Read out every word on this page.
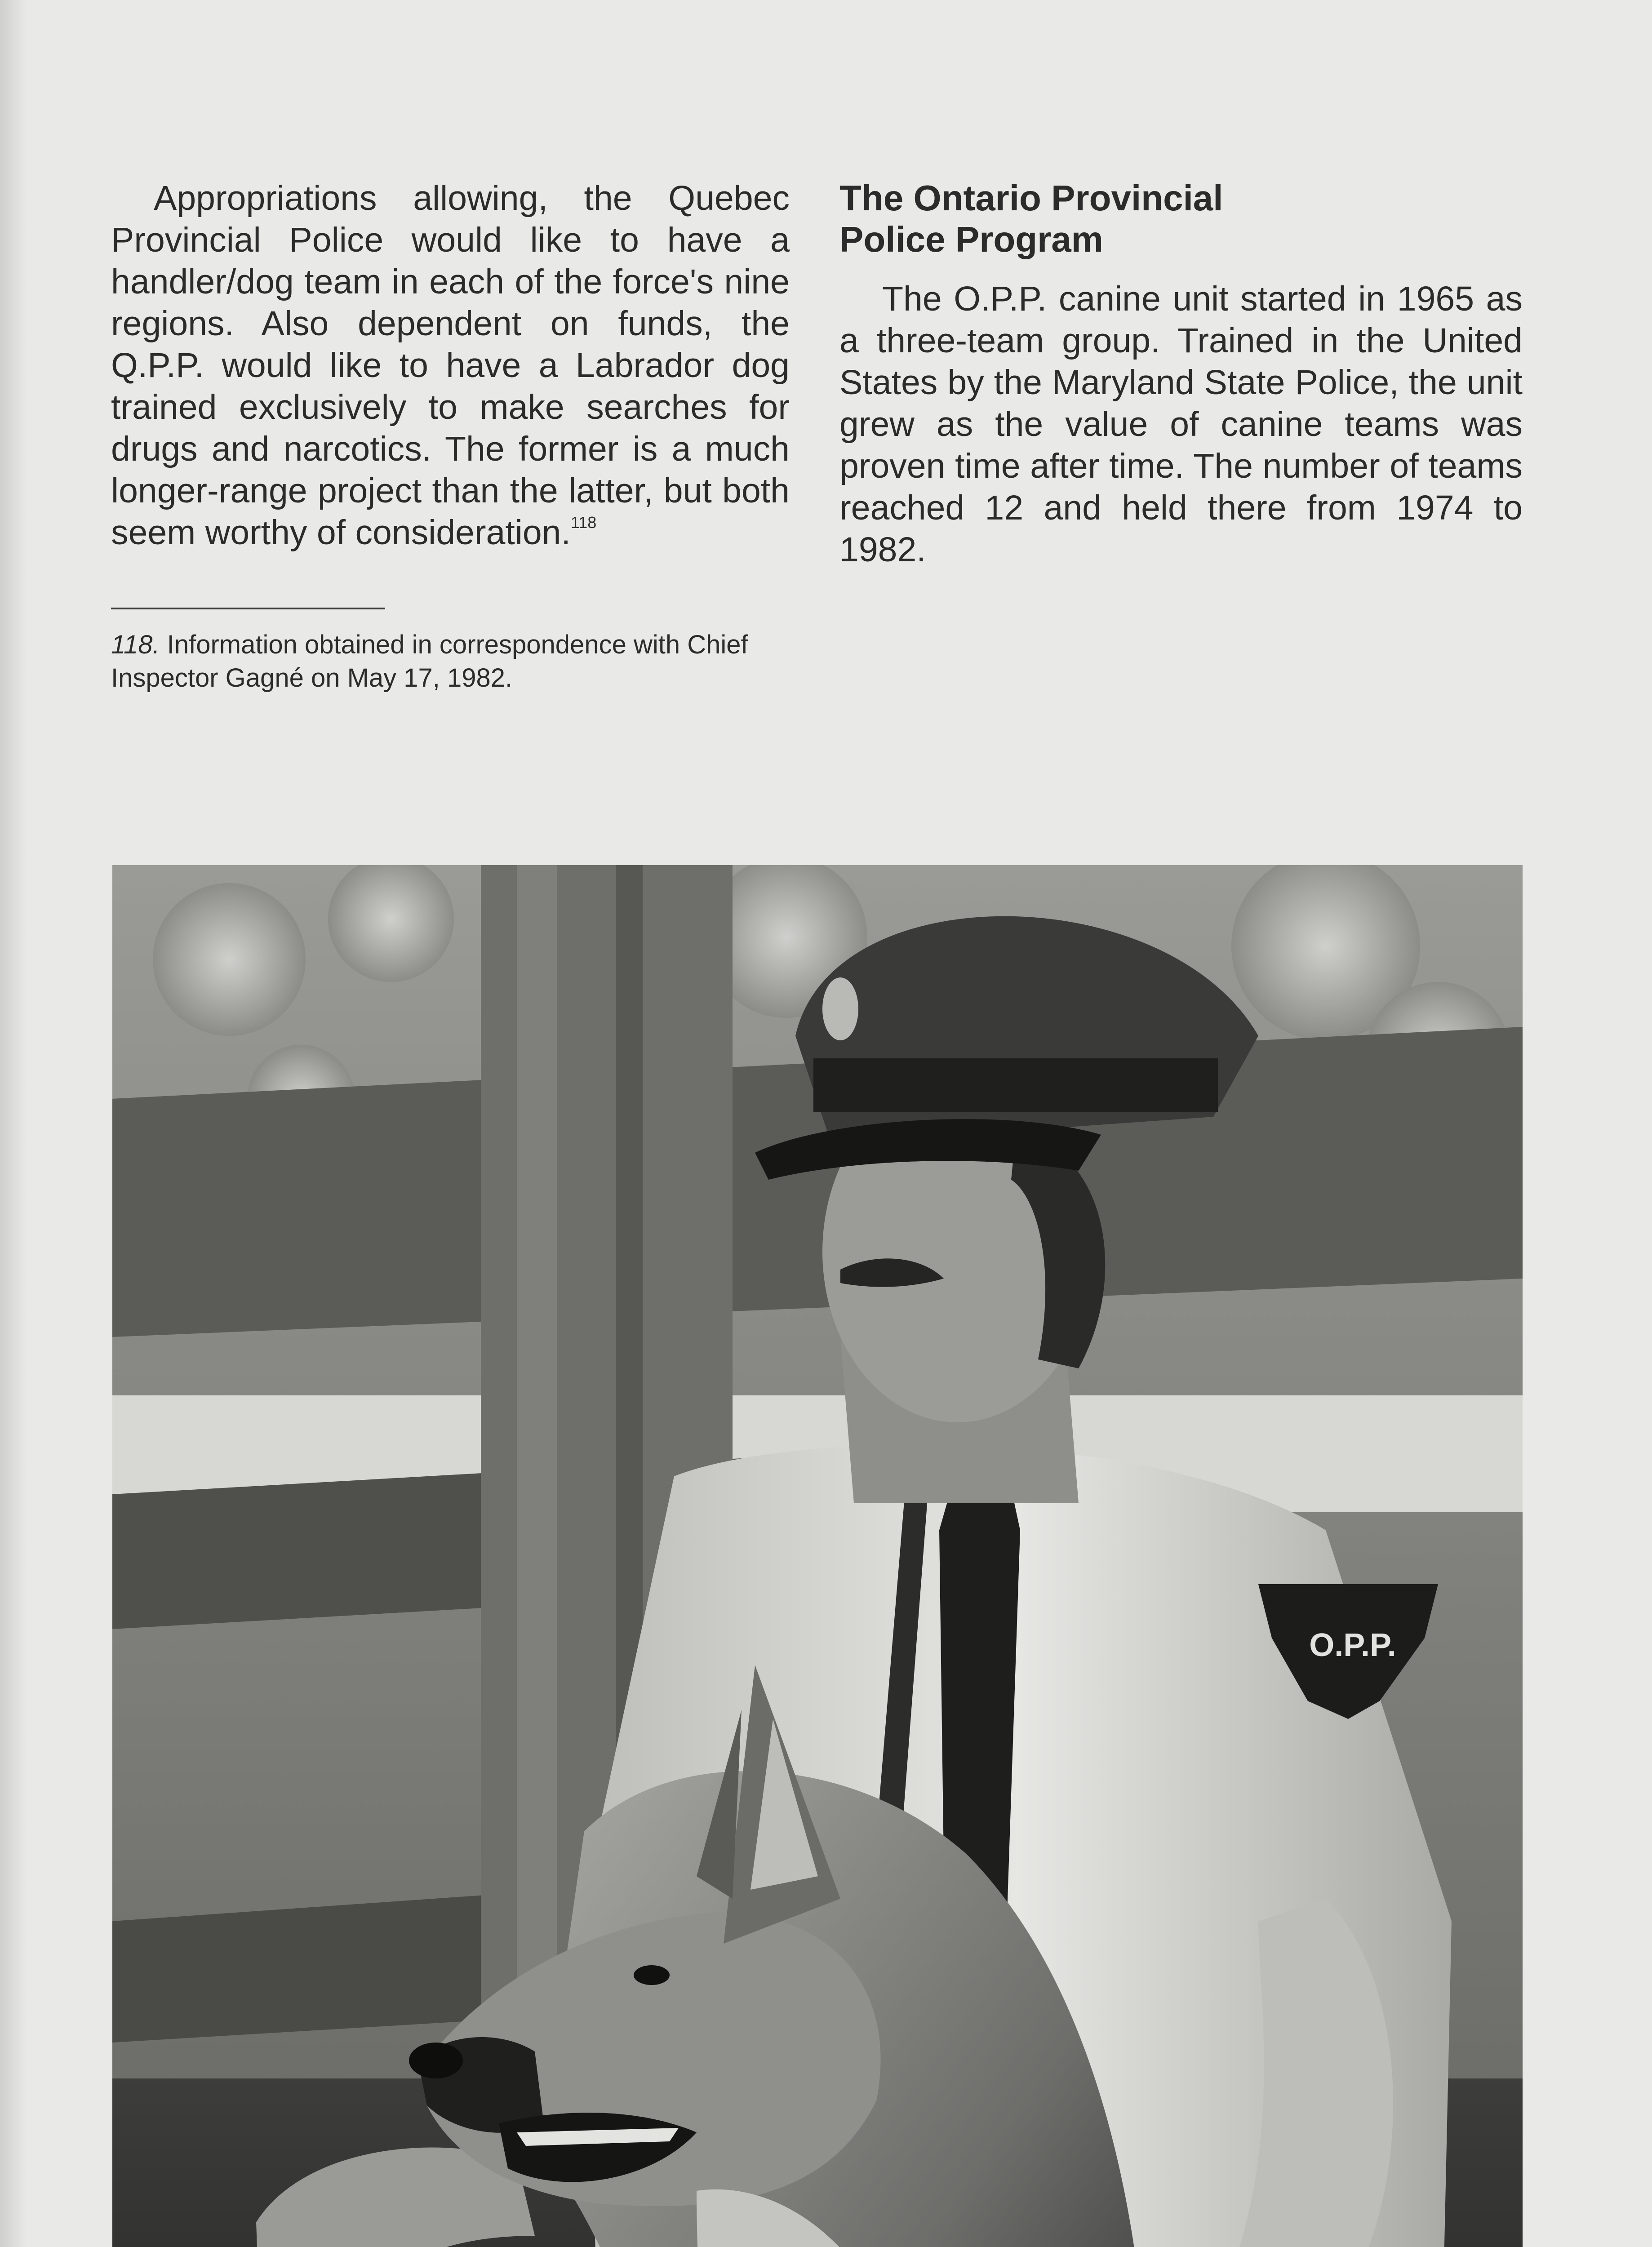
Appropriations allowing, the Quebec Provincial Police would like to have a handler/dog team in each of the force's nine regions. Also dependent on funds, the Q.P.P. would like to have a Labrador dog trained exclusively to make searches for drugs and narcotics. The former is a much longer-range project than the latter, but both seem worthy of consideration.$^{118}$

118. Information obtained in correspondence with Chief Inspector Gagné on May 17, 1982.

The Ontario Provincial
Police Program

The O.P.P. canine unit started in 1965 as a three-team group. Trained in the United States by the Maryland State Police, the unit grew as the value of canine teams was proven time after time. The number of teams reached 12 and held there from 1974 to 1982.

O.P.P.
